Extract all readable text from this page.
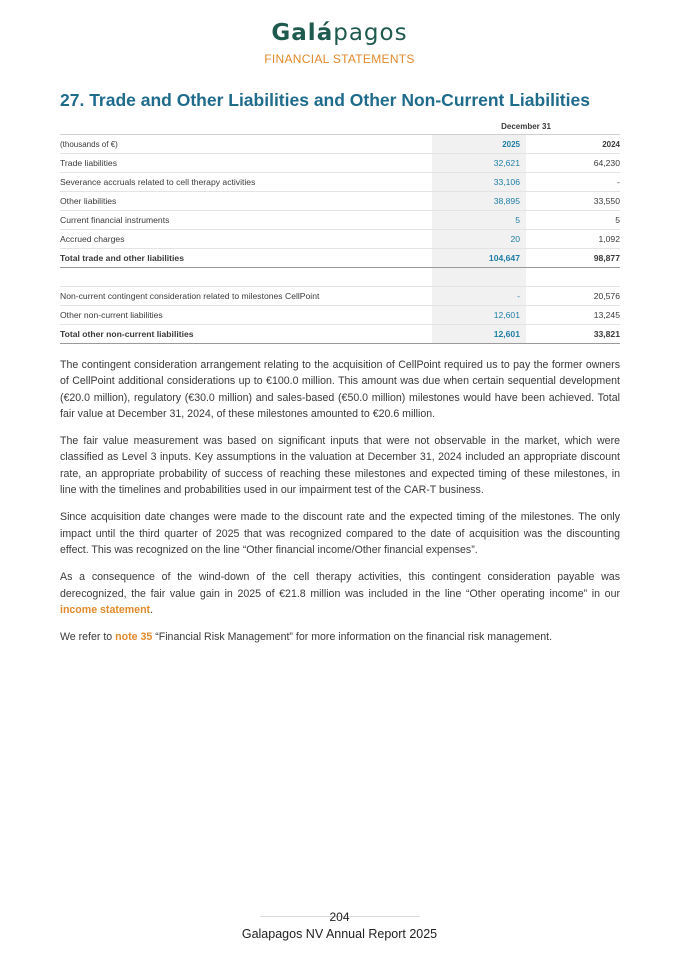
Galápagos
FINANCIAL STATEMENTS
27. Trade and Other Liabilities and Other Non-Current Liabilities
December 31
(thousands of €)	2025	2024
Trade liabilities	32,621	64,230
Severance accruals related to cell therapy activities	33,106	-
Other liabilities	38,895	33,550
Current financial instruments	5	5
Accrued charges	20	1,092
Total trade and other liabilities	104,647	98,877
Non-current contingent consideration related to milestones CellPoint	-	20,576
Other non-current liabilities	12,601	13,245
Total other non-current liabilities	12,601	33,821

The contingent consideration arrangement relating to the acquisition of CellPoint required us to pay the former owners of CellPoint additional considerations up to €100.0 million. This amount was due when certain sequential development (€20.0 million), regulatory (€30.0 million) and sales-based (€50.0 million) milestones would have been achieved. Total fair value at December 31, 2024, of these milestones amounted to €20.6 million.

The fair value measurement was based on significant inputs that were not observable in the market, which were classified as Level 3 inputs. Key assumptions in the valuation at December 31, 2024 included an appropriate discount rate, an appropriate probability of success of reaching these milestones and expected timing of these milestones, in line with the timelines and probabilities used in our impairment test of the CAR-T business.

Since acquisition date changes were made to the discount rate and the expected timing of the milestones. The only impact until the third quarter of 2025 that was recognized compared to the date of acquisition was the discounting effect. This was recognized on the line “Other financial income/Other financial expenses”.

As a consequence of the wind-down of the cell therapy activities, this contingent consideration payable was derecognized, the fair value gain in 2025 of €21.8 million was included in the line “Other operating income” in our income statement.

We refer to note 35 “Financial Risk Management” for more information on the financial risk management.

204
Galapagos NV Annual Report 2025
